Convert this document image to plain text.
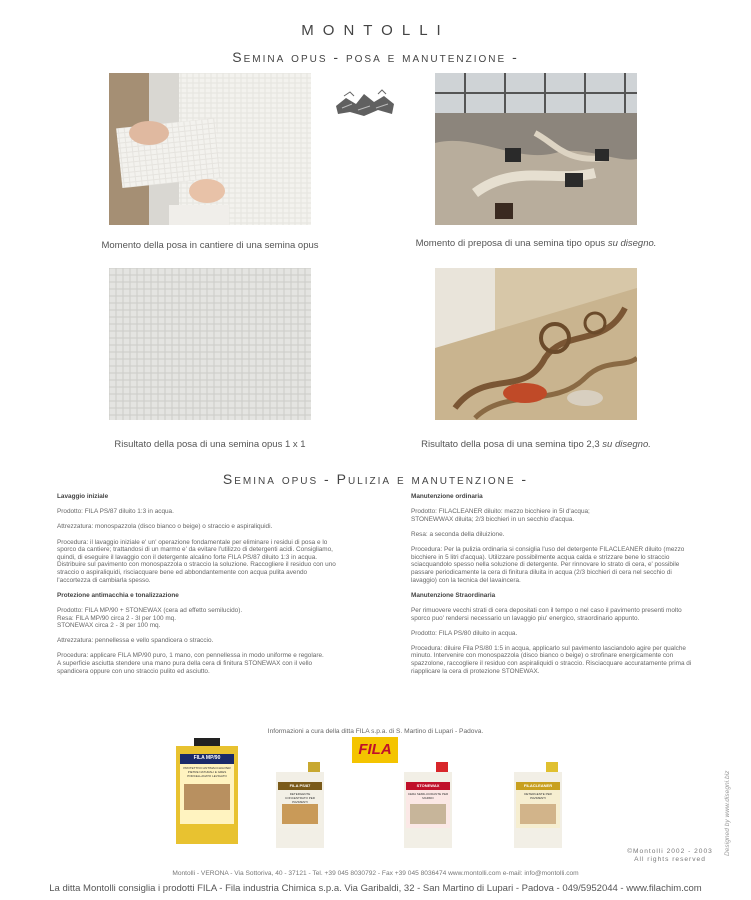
MONTOLLI
Semina opus - posa e manutenzione -
Momento della posa in cantiere di una semina opus	Momento di preposa di una semina tipo opus su disegno.
Risultato della posa di una semina opus 1 x 1	Risultato della posa di una semina tipo 2,3 su disegno.
Semina opus - Pulizia e manutenzione -

Lavaggio iniziale

Prodotto: FILA PS/87 diluito 1:3 in acqua.

Attrezzatura: monospazzola (disco bianco o beige) o straccio e aspiraliquidi.

Procedura: il lavaggio iniziale e' un' operazione fondamentale per eliminare i residui di posa e lo sporco da cantiere; trattandosi di un marmo e' da evitare l'utilizzo di detergenti acidi. Consigliamo, quindi, di eseguire il lavaggio con il detergente alcalino forte FILA PS/87 diluito 1:3 in acqua.

Distribuire sul pavimento con monospazzola o straccio la soluzione. Raccogliere il residuo con uno straccio o aspiraliquidi, risciacquare bene ed abbondantemente con acqua pulita avendo l'accortezza di cambiarla spesso.

Protezione antimacchia e tonalizzazione

Prodotto: FILA MP/90 + STONEWAX (cera ad effetto semilucido).

Resa: FILA MP/90 circa 2 - 3l per 100 mq.

STONEWAX circa 2 - 3l per 100 mq.

Attrezzatura: pennellessa e vello spandicera o straccio.

Procedura: applicare FILA MP/90 puro, 1 mano, con pennellessa in modo uniforme e regolare.

A superficie asciutta stendere una mano pura della cera di finitura STONEWAX con il vello spandicera oppure con uno straccio pulito ed asciutto.

Manutenzione ordinaria

Prodotto: FILACLEANER diluito: mezzo bicchiere in 5l d'acqua;

STONEWWAX diluita; 2/3 bicchieri in un secchio d'acqua.

Resa: a seconda della diluizione.

Procedura: Per la pulizia ordinaria si consiglia l'uso del detergente FILACLEANER diluito (mezzo bicchiere in 5 litri d'acqua). Utilizzare possibilmente acqua calda e strizzare bene lo straccio sciacquandolo spesso nella soluzione di detergente. Per rinnovare lo strato di cera, e' possibile passare periodicamente la cera di finitura diluita in acqua (2/3 bicchieri di cera nel secchio di lavaggio) con la tecnica del lavaincera.

Manutenzione Straordinaria

Per rimuovere vecchi strati di cera depositati con il tempo o nel caso il pavimento presenti molto sporco puo' rendersi necessario un lavaggio piu' energico, straordinario appunto.

Prodotto: FILA PS/80 diluito in acqua.

Procedura: diluire Fila PS/80 1:5 in acqua, applicarlo sul pavimento lasciandolo agire per qualche minuto. Intervenire con monospazzola (disco bianco o beige) o strofinare energicamente con spazzolone, raccogliere il residuo con aspiraliquidi o straccio. Risciacquare accuratamente prima di riapplicare la cera di protezione STONEWAX.

Informazioni a cura della ditta FILA s.p.a. di S. Martino di Lupari - Padova.
FILA
FILA MP/90
PROTETTIVO ANTIMACCHIA PER PIETRE NATURALI E GRES PORCELLANATO LEVIGATO
FILA PS/87
DETERGENTE CONCENTRATO PER PAVIMENTI
STONEWAX
CERA SEMILUCIDANTE PER MARMO
FILACLEANER
DETERGENTE PER PAVIMENTI
©Montolli 2002 - 2003
All rights reserved
Designed by www.disegni.biz
Montolli - VERONA - Via Sottoriva, 40 - 37121 - Tel. +39 045 8030792 - Fax +39 045 8036474 www.montolli.com e-mail: info@montolli.com
La ditta Montolli consiglia i prodotti FILA - Fila industria Chimica s.p.a. Via Garibaldi, 32 - San Martino di Lupari - Padova - 049/5952044 - www.filachim.com
